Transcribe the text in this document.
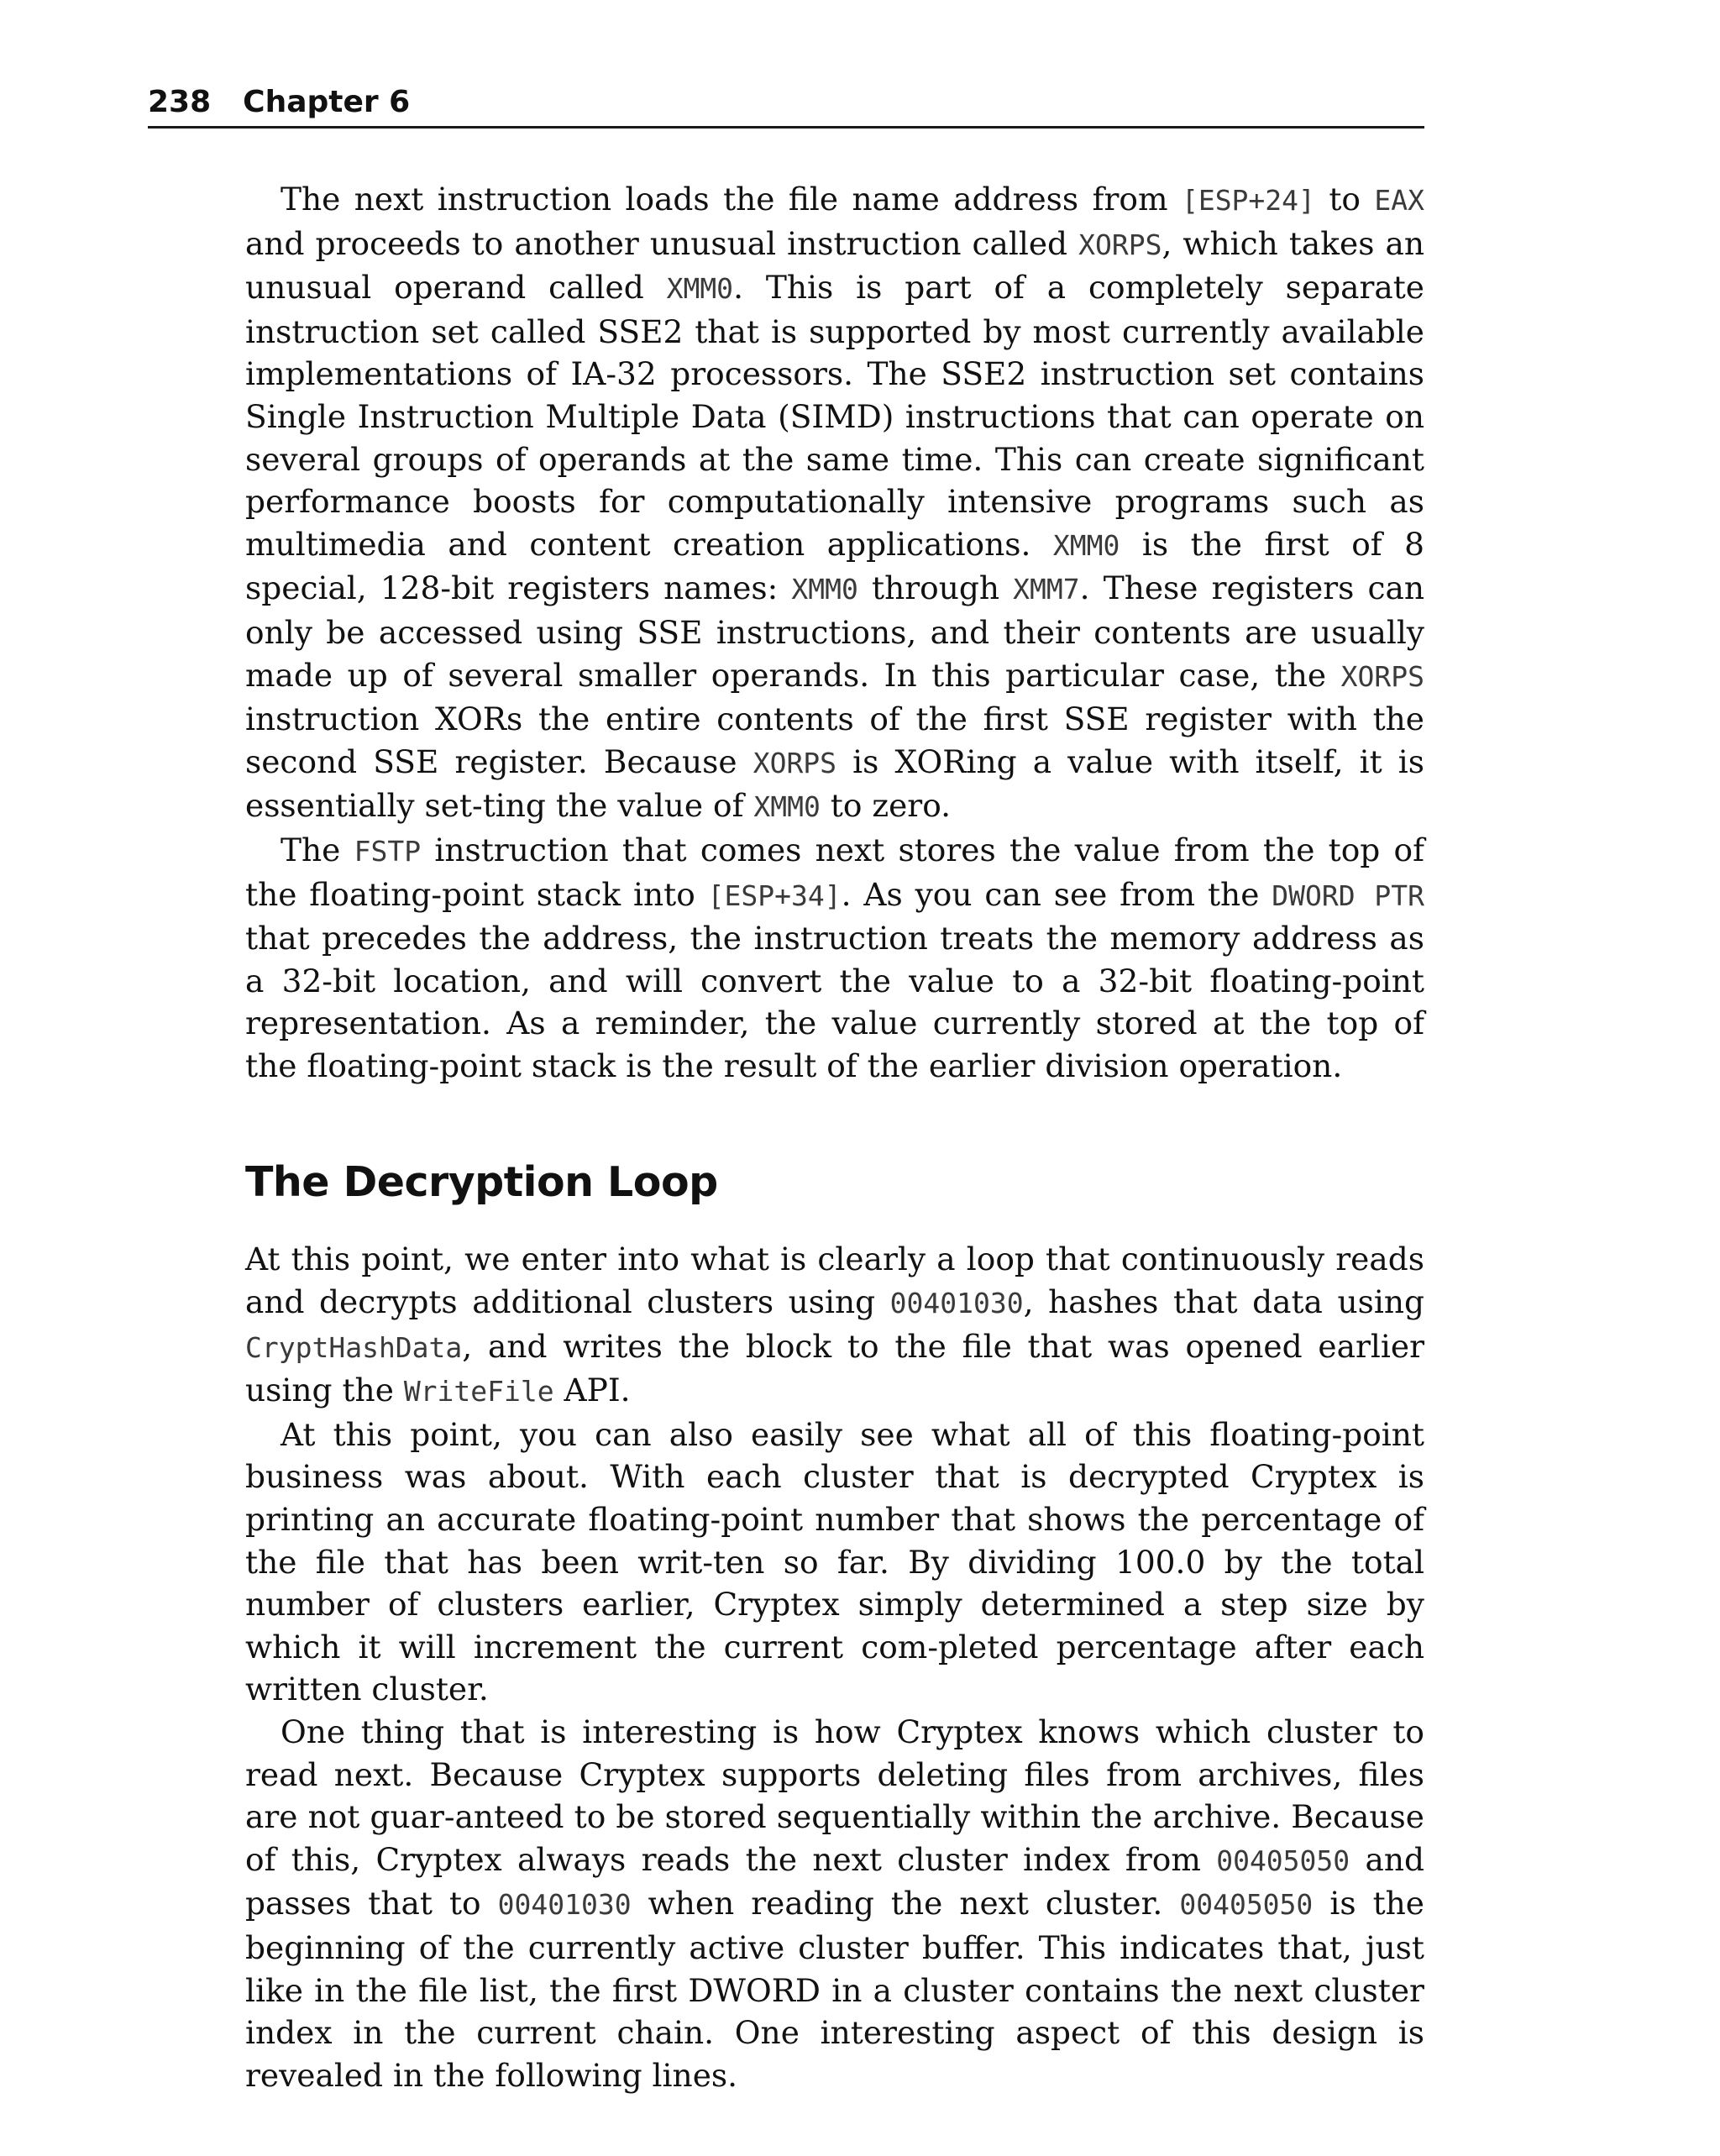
238 Chapter 6

The next instruction loads the file name address from [ESP+24] to EAX and proceeds to another unusual instruction called XORPS, which takes an unusual operand called XMM0. This is part of a completely separate instruction set called SSE2 that is supported by most currently available implementations of IA-32 processors. The SSE2 instruction set contains Single Instruction Multiple Data (SIMD) instructions that can operate on several groups of operands at the same time. This can create significant performance boosts for computationally intensive programs such as multimedia and content creation applications. XMM0 is the first of 8 special, 128-bit registers names: XMM0 through XMM7. These registers can only be accessed using SSE instructions, and their contents are usually made up of several smaller operands. In this particular case, the XORPS instruction XORs the entire contents of the first SSE register with the second SSE register. Because XORPS is XORing a value with itself, it is essentially set-ting the value of XMM0 to zero.

The FSTP instruction that comes next stores the value from the top of the floating-point stack into [ESP+34]. As you can see from the DWORD PTR that precedes the address, the instruction treats the memory address as a 32-bit location, and will convert the value to a 32-bit floating-point representation. As a reminder, the value currently stored at the top of the floating-point stack is the result of the earlier division operation.

The Decryption Loop

At this point, we enter into what is clearly a loop that continuously reads and decrypts additional clusters using 00401030, hashes that data using CryptHashData, and writes the block to the file that was opened earlier using the WriteFile API.

At this point, you can also easily see what all of this floating-point business was about. With each cluster that is decrypted Cryptex is printing an accurate floating-point number that shows the percentage of the file that has been writ-ten so far. By dividing 100.0 by the total number of clusters earlier, Cryptex simply determined a step size by which it will increment the current com-pleted percentage after each written cluster.

One thing that is interesting is how Cryptex knows which cluster to read next. Because Cryptex supports deleting files from archives, files are not guar-anteed to be stored sequentially within the archive. Because of this, Cryptex always reads the next cluster index from 00405050 and passes that to 00401030 when reading the next cluster. 00405050 is the beginning of the currently active cluster buffer. This indicates that, just like in the file list, the first DWORD in a cluster contains the next cluster index in the current chain. One interesting aspect of this design is revealed in the following lines.
